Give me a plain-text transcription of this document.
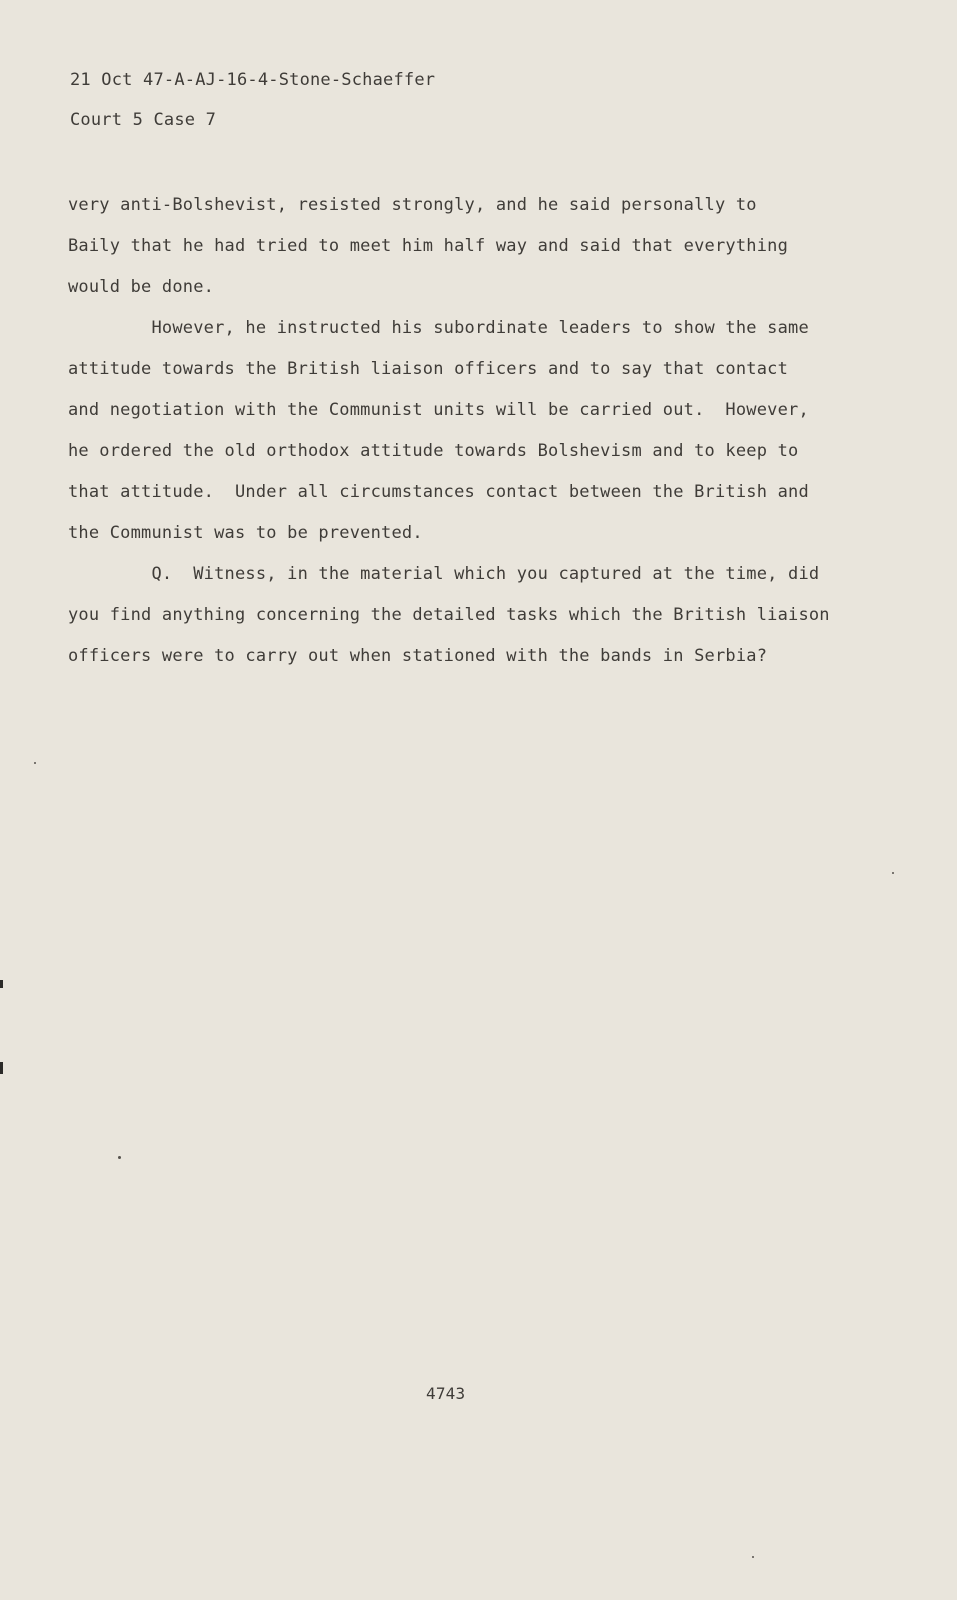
21 Oct 47-A-AJ-16-4-Stone-Schaeffer
Court 5 Case 7
very anti-Bolshevist, resisted strongly, and he said personally to
Baily that he had tried to meet him half way and said that everything
would be done.
However, he instructed his subordinate leaders to show the same
attitude towards the British liaison officers and to say that contact
and negotiation with the Communist units will be carried out.  However,
he ordered the old orthodox attitude towards Bolshevism and to keep to
that attitude.  Under all circumstances contact between the British and
the Communist was to be prevented.
Q.  Witness, in the material which you captured at the time, did
you find anything concerning the detailed tasks which the British liaison
officers were to carry out when stationed with the bands in Serbia?
4743
